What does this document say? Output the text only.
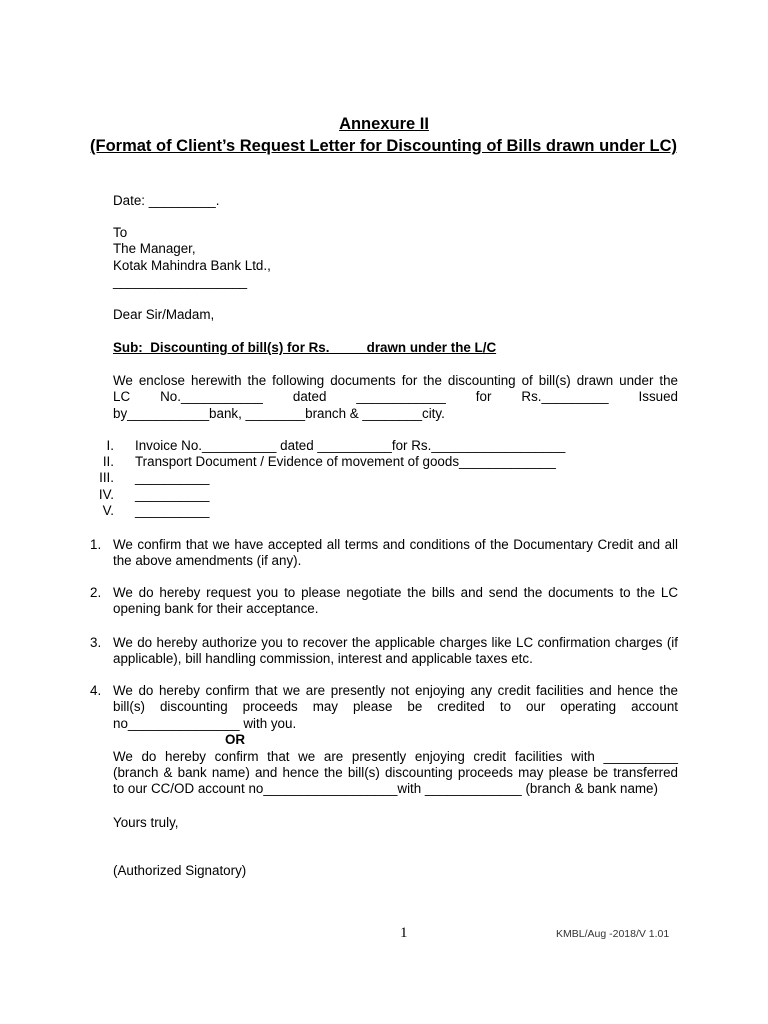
Annexure II
(Format of Client’s Request Letter for Discounting of Bills drawn under LC)
Date: _________.
To
The Manager,
Kotak Mahindra Bank Ltd.,
__________________
Dear Sir/Madam,
Sub:  Discounting of bill(s) for Rs.          drawn under the L/C
We enclose herewith the following documents for the discounting of bill(s) drawn under the
LC No.___________ dated ____________ for Rs._________ Issued
by___________bank, ________branch & ________city.
I. Invoice No.__________ dated __________for Rs.__________________
II. Transport Document / Evidence of movement of goods_____________
III. __________
IV. __________
V. __________
1. We confirm that we have accepted all terms and conditions of the Documentary Credit and all the above amendments (if any).
2. We do hereby request you to please negotiate the bills and send the documents to the LC opening bank for their acceptance.
3. We do hereby authorize you to recover the applicable charges like LC confirmation charges (if applicable), bill handling commission, interest and applicable taxes etc.
4. We do hereby confirm that we are presently not enjoying any credit facilities and hence the
bill(s) discounting proceeds may please be credited to our operating account
no_______________ with you.
OR
We do hereby confirm that we are presently enjoying credit facilities with __________
(branch & bank name) and hence the bill(s) discounting proceeds may please be transferred
to our CC/OD account no__________________with _____________ (branch & bank name)
Yours truly,
(Authorized Signatory)
1	KMBL/Aug -2018/V 1.01
